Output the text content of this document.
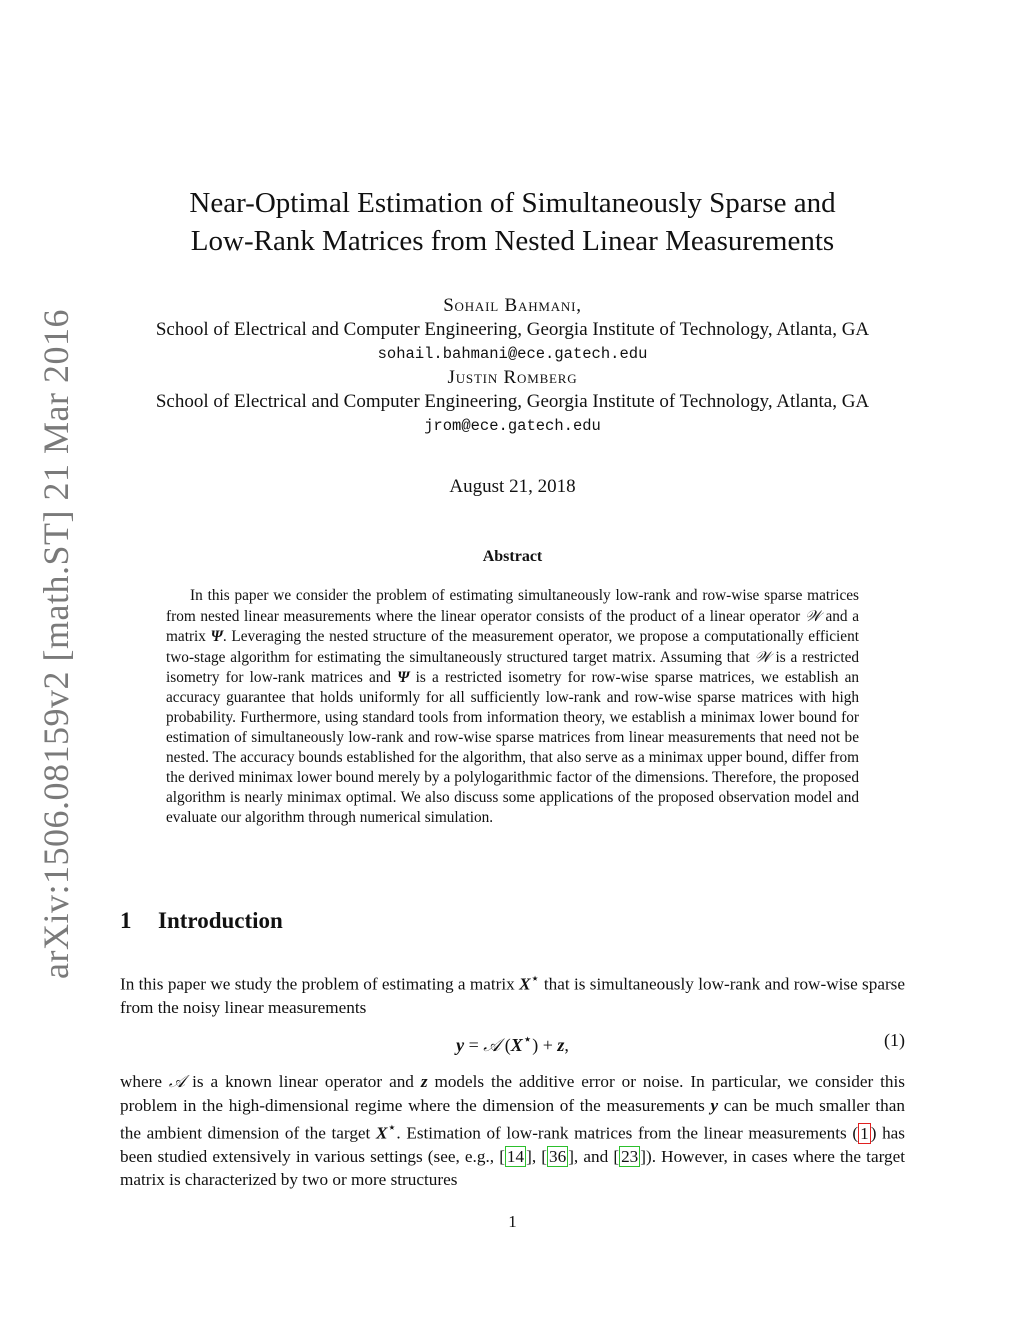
arXiv:1506.08159v2 [math.ST] 21 Mar 2016
Near-Optimal Estimation of Simultaneously Sparse and
Low-Rank Matrices from Nested Linear Measurements
Sohail Bahmani,
School of Electrical and Computer Engineering, Georgia Institute of Technology, Atlanta, GA
sohail.bahmani@ece.gatech.edu
Justin Romberg
School of Electrical and Computer Engineering, Georgia Institute of Technology, Atlanta, GA
jrom@ece.gatech.edu
August 21, 2018
Abstract
In this paper we consider the problem of estimating simultaneously low-rank and row-wise sparse matrices from nested linear measurements where the linear operator consists of the product of a linear operator 𝒲 and a matrix Ψ. Leveraging the nested structure of the measurement operator, we propose a computationally efficient two-stage algorithm for estimating the simultaneously structured target matrix. Assuming that 𝒲 is a restricted isometry for low-rank matrices and Ψ is a restricted isometry for row-wise sparse matrices, we establish an accuracy guarantee that holds uniformly for all sufficiently low-rank and row-wise sparse matrices with high probability. Furthermore, using standard tools from information theory, we establish a minimax lower bound for estimation of simultaneously low-rank and row-wise sparse matrices from linear measurements that need not be nested. The accuracy bounds established for the algorithm, that also serve as a minimax upper bound, differ from the derived minimax lower bound merely by a polylogarithmic factor of the dimensions. Therefore, the proposed algorithm is nearly minimax optimal. We also discuss some applications of the proposed observation model and evaluate our algorithm through numerical simulation.
1 Introduction
In this paper we study the problem of estimating a matrix X⋆ that is simultaneously low-rank and row-wise sparse from the noisy linear measurements
y = 𝒜 (X⋆) + z,	(1)
where 𝒜 is a known linear operator and z models the additive error or noise. In particular, we consider this problem in the high-dimensional regime where the dimension of the measurements y can be much smaller than the ambient dimension of the target X⋆. Estimation of low-rank matrices from the linear measurements ( 1 ) has been studied extensively in various settings (see, e.g., [ 14 ], [ 36 ], and [ 23 ]). However, in cases where the target matrix is characterized by two or more structures
1
